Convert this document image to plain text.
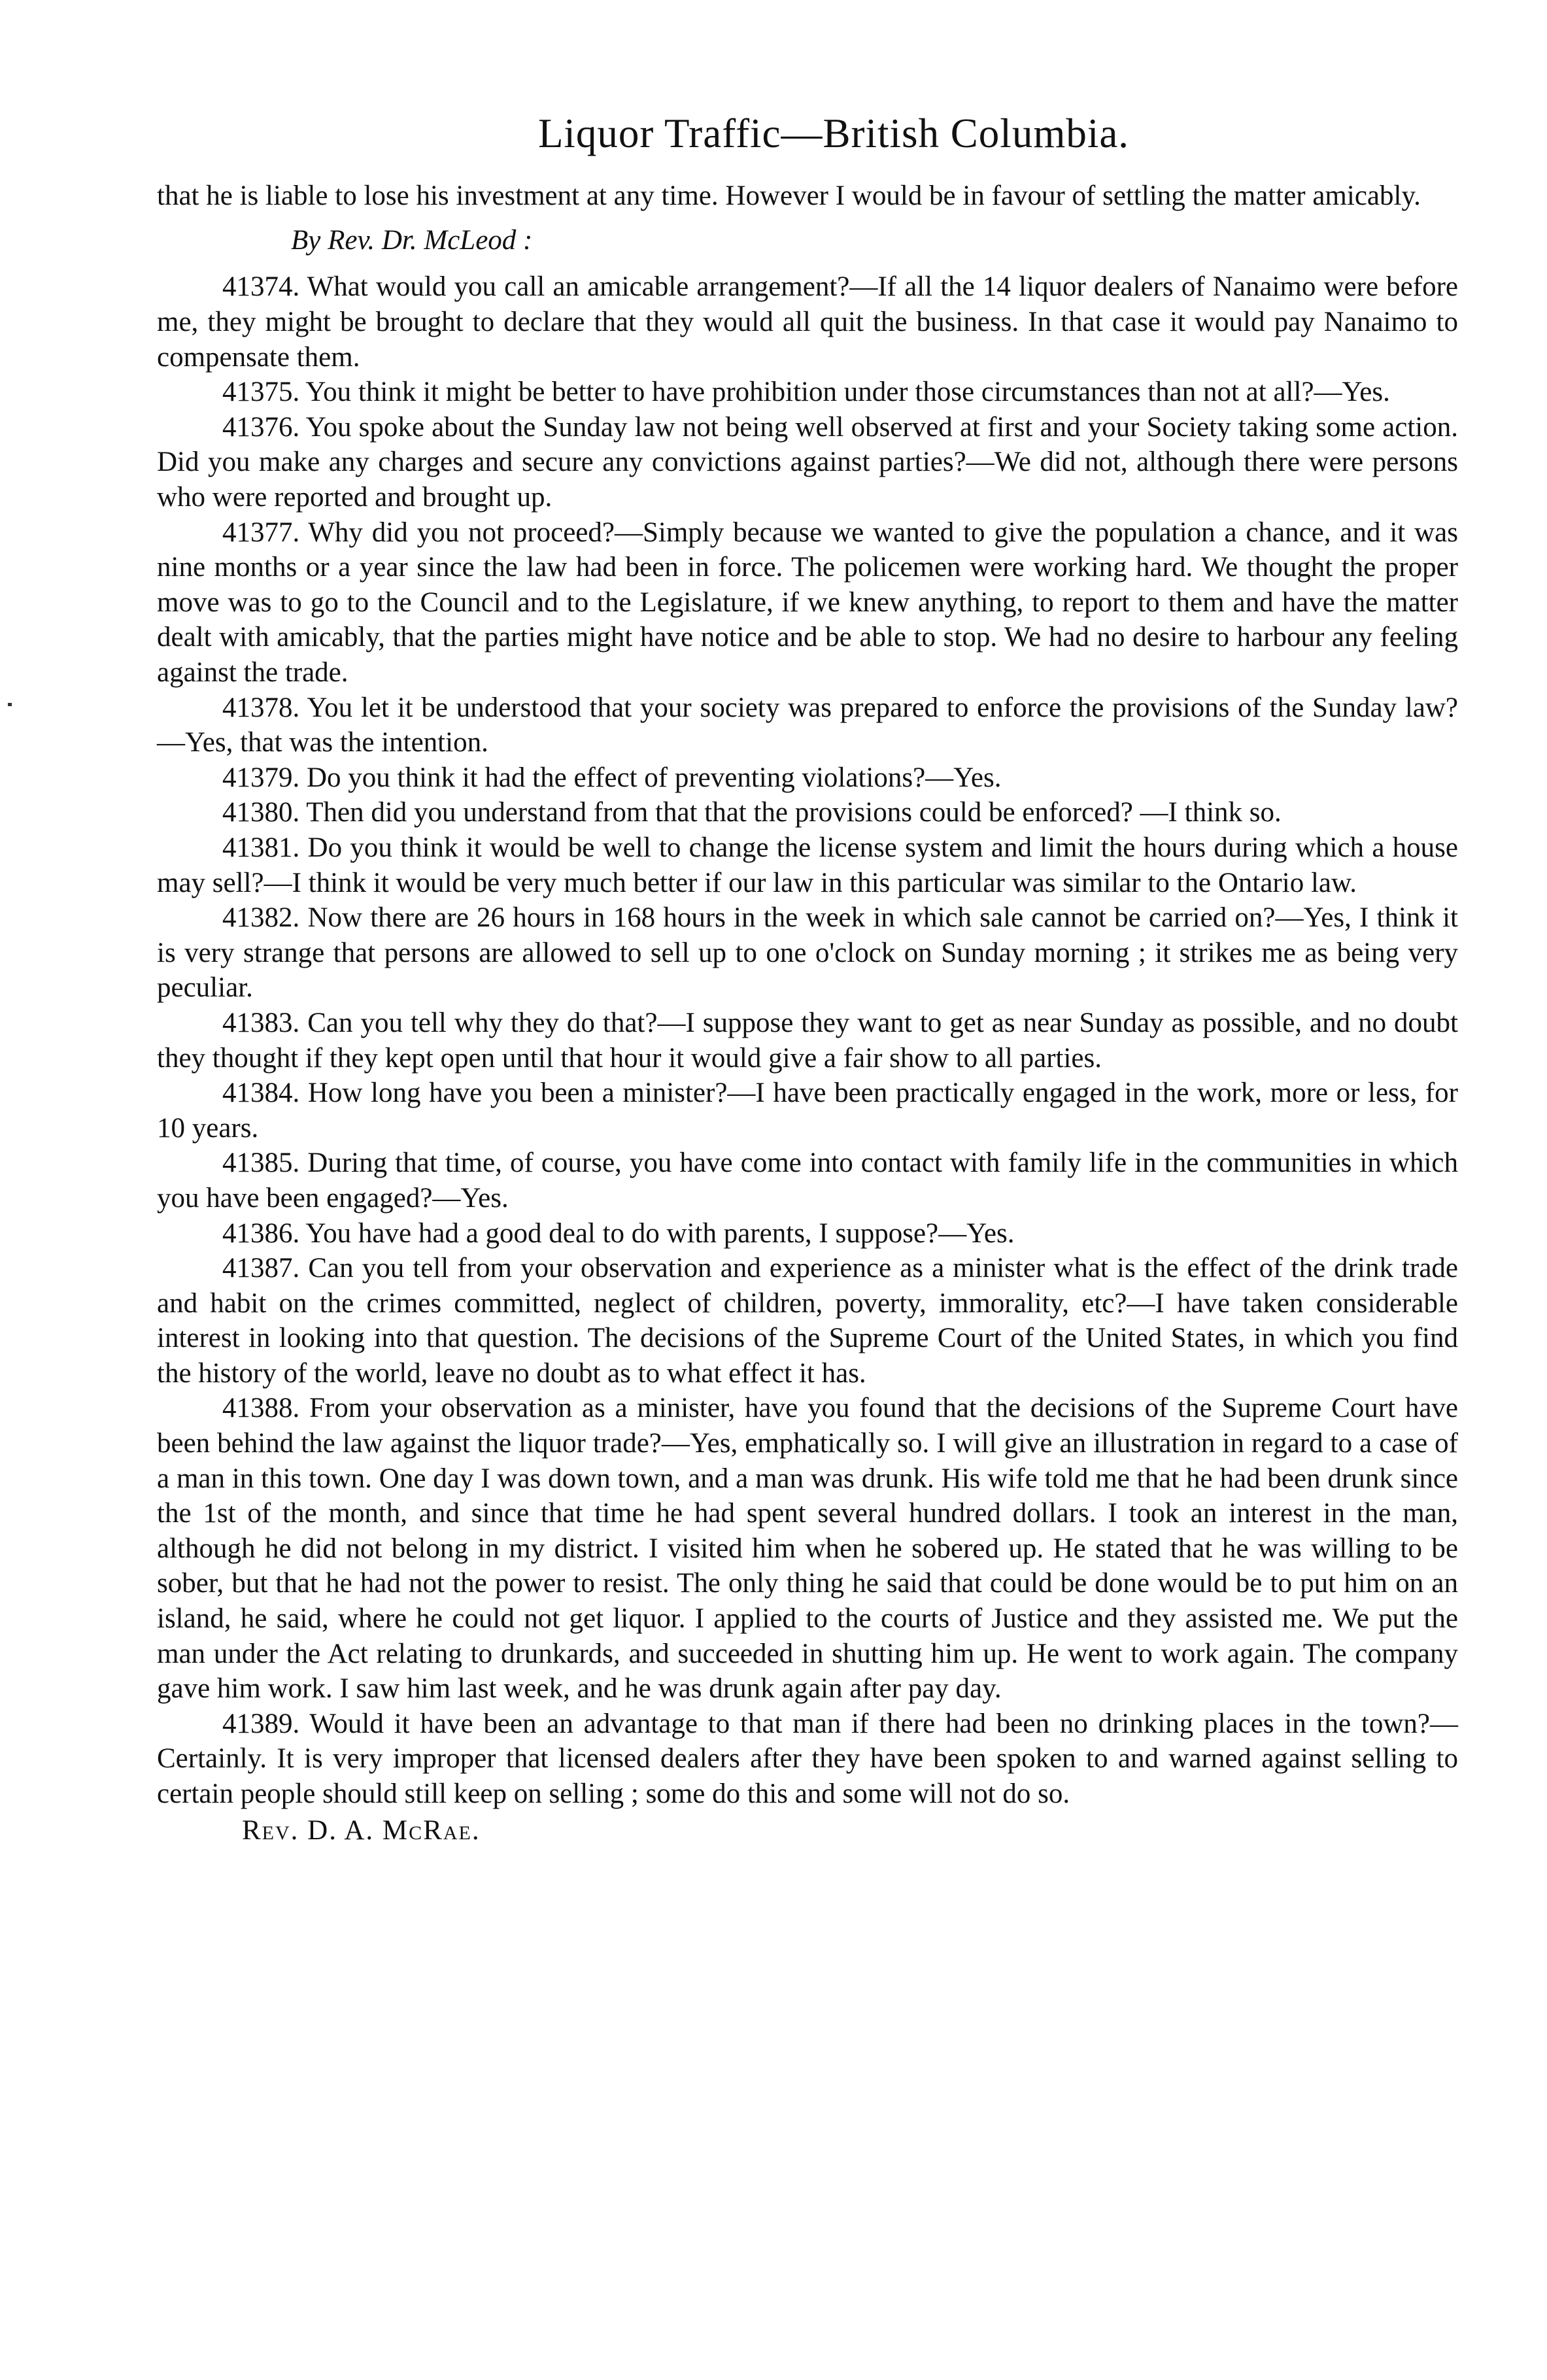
Liquor Traffic—British Columbia.

that he is liable to lose his investment at any time. However I would be in favour of settling the matter amicably.

By Rev. Dr. McLeod :

41374. What would you call an amicable arrangement?—If all the 14 liquor dealers of Nanaimo were before me, they might be brought to declare that they would all quit the business. In that case it would pay Nanaimo to compensate them.

41375. You think it might be better to have prohibition under those circumstances than not at all?—Yes.

41376. You spoke about the Sunday law not being well observed at first and your Society taking some action. Did you make any charges and secure any convictions against parties?—We did not, although there were persons who were reported and brought up.

41377. Why did you not proceed?—Simply because we wanted to give the population a chance, and it was nine months or a year since the law had been in force. The policemen were working hard. We thought the proper move was to go to the Council and to the Legislature, if we knew anything, to report to them and have the matter dealt with amicably, that the parties might have notice and be able to stop. We had no desire to harbour any feeling against the trade.

41378. You let it be understood that your society was prepared to enforce the provisions of the Sunday law?—Yes, that was the intention.

41379. Do you think it had the effect of preventing violations?—Yes.

41380. Then did you understand from that that the provisions could be enforced? —I think so.

41381. Do you think it would be well to change the license system and limit the hours during which a house may sell?—I think it would be very much better if our law in this particular was similar to the Ontario law.

41382. Now there are 26 hours in 168 hours in the week in which sale cannot be carried on?—Yes, I think it is very strange that persons are allowed to sell up to one o'clock on Sunday morning ; it strikes me as being very peculiar.

41383. Can you tell why they do that?—I suppose they want to get as near Sunday as possible, and no doubt they thought if they kept open until that hour it would give a fair show to all parties.

41384. How long have you been a minister?—I have been practically engaged in the work, more or less, for 10 years.

41385. During that time, of course, you have come into contact with family life in the communities in which you have been engaged?—Yes.

41386. You have had a good deal to do with parents, I suppose?—Yes.

41387. Can you tell from your observation and experience as a minister what is the effect of the drink trade and habit on the crimes committed, neglect of children, poverty, immorality, etc?—I have taken considerable interest in looking into that question. The decisions of the Supreme Court of the United States, in which you find the history of the world, leave no doubt as to what effect it has.

41388. From your observation as a minister, have you found that the decisions of the Supreme Court have been behind the law against the liquor trade?—Yes, emphatically so. I will give an illustration in regard to a case of a man in this town. One day I was down town, and a man was drunk. His wife told me that he had been drunk since the 1st of the month, and since that time he had spent several hundred dollars. I took an interest in the man, although he did not belong in my district. I visited him when he sobered up. He stated that he was willing to be sober, but that he had not the power to resist. The only thing he said that could be done would be to put him on an island, he said, where he could not get liquor. I applied to the courts of Justice and they assisted me. We put the man under the Act relating to drunkards, and succeeded in shutting him up. He went to work again. The company gave him work. I saw him last week, and he was drunk again after pay day.

41389. Would it have been an advantage to that man if there had been no drinking places in the town?—Certainly. It is very improper that licensed dealers after they have been spoken to and warned against selling to certain people should still keep on selling ; some do this and some will not do so.

Rev. D. A. McRae.
